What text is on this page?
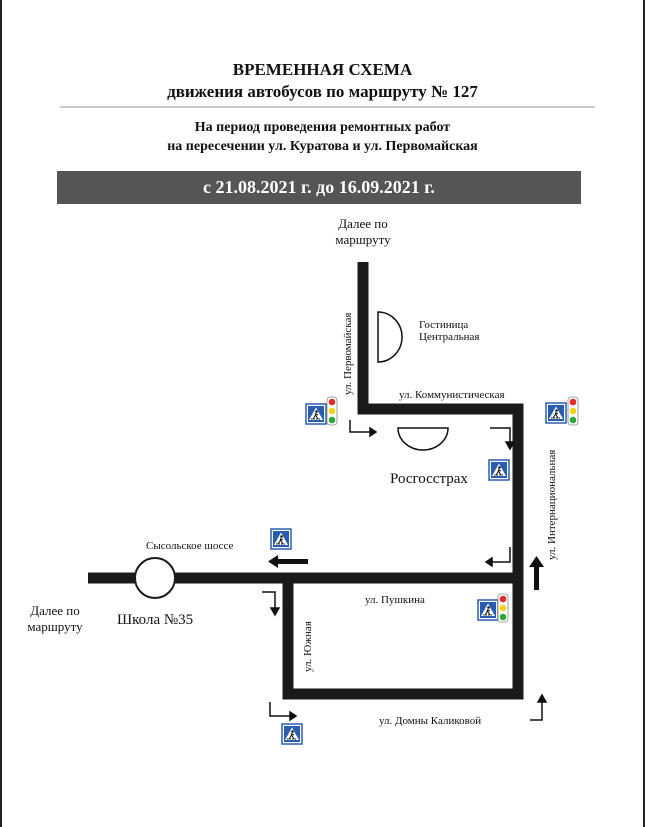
ВРЕМЕННАЯ СХЕМА
движения автобусов по маршруту № 127
На период проведения ремонтных работ
на пересечении ул. Куратова и ул. Первомайская
с 21.08.2021 г. до 16.09.2021 г.
ул. Первомайская
ул. Интернациональная
ул. Южная
Далее по
маршруту
Гостиница
Центральная
ул. Коммунистическая
Росгосстрах
Сысольское шоссе
ул. Пушкина
Школа №35
Далее по
маршруту
ул. Домны Каликовой
